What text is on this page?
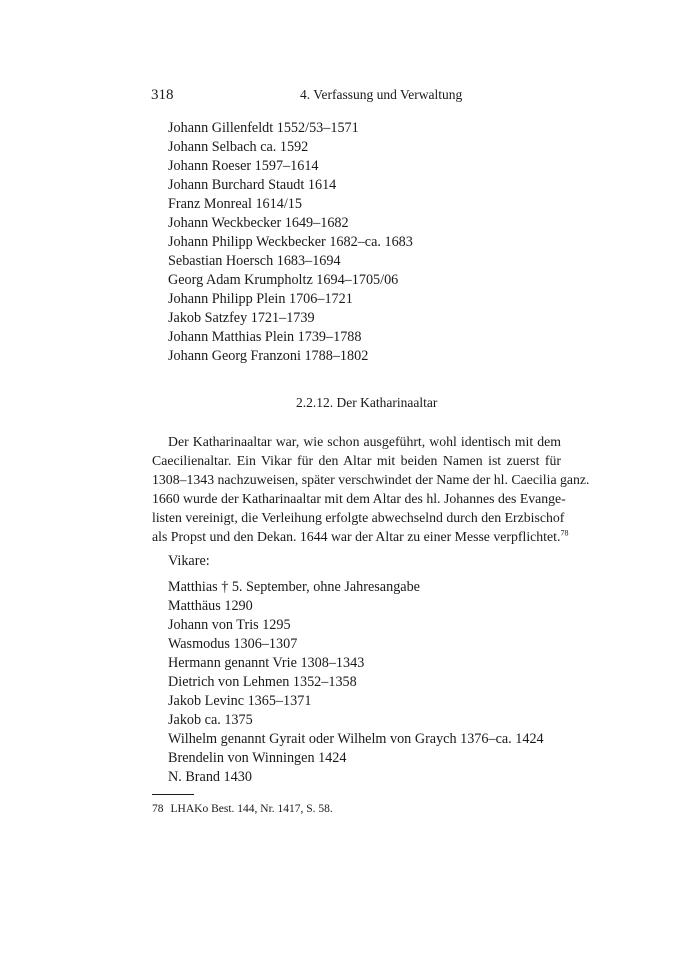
318	4. Verfassung und Verwaltung
Johann Gillenfeldt 1552/53–1571
Johann Selbach ca. 1592
Johann Roeser 1597–1614
Johann Burchard Staudt 1614
Franz Monreal 1614/15
Johann Weckbecker 1649–1682
Johann Philipp Weckbecker 1682–ca. 1683
Sebastian Hoersch 1683–1694
Georg Adam Krumpholtz 1694–1705/06
Johann Philipp Plein 1706–1721
Jakob Satzfey 1721–1739
Johann Matthias Plein 1739–1788
Johann Georg Franzoni 1788–1802
2.2.12. Der Katharinaaltar
Der Katharinaaltar war, wie schon ausgeführt, wohl identisch mit dem
Caecilienaltar. Ein Vikar für den Altar mit beiden Namen ist zuerst für
1308–1343 nachzuweisen, später verschwindet der Name der hl. Caecilia ganz.
1660 wurde der Katharinaaltar mit dem Altar des hl. Johannes des Evange-
listen vereinigt, die Verleihung erfolgte abwechselnd durch den Erzbischof
als Propst und den Dekan. 1644 war der Altar zu einer Messe verpflichtet.$^{78}$
Vikare:
Matthias † 5. September, ohne Jahresangabe
Matthäus 1290
Johann von Tris 1295
Wasmodus 1306–1307
Hermann genannt Vrie 1308–1343
Dietrich von Lehmen 1352–1358
Jakob Levinc 1365–1371
Jakob ca. 1375
Wilhelm genannt Gyrait oder Wilhelm von Graych 1376–ca. 1424
Brendelin von Winningen 1424
N. Brand 1430
78 LHAKo Best. 144, Nr. 1417, S. 58.
